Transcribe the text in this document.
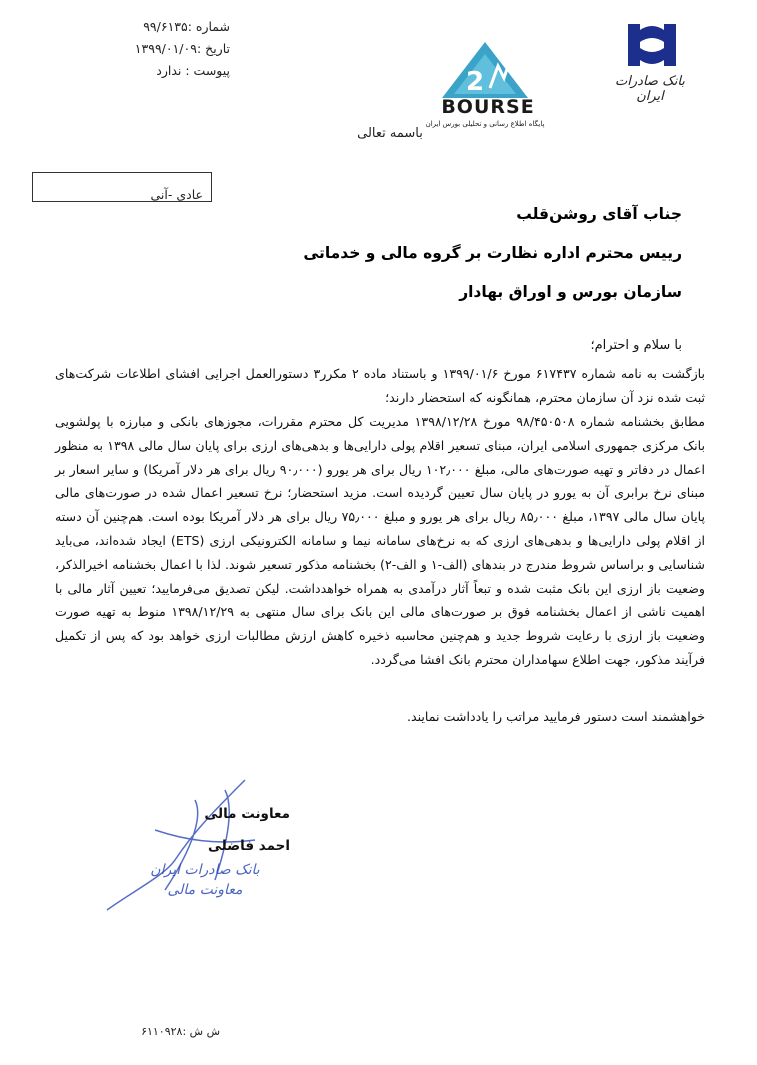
شماره :۹۹/۶۱۳۵
تاریخ :۱۳۹۹/۰۱/۰۹
پیوست : ندارد	2
BOURSE
پایگاه اطلاع رسانی و تحلیلی بورس ایران
بانک صادرات ایران
باسمه تعالی
عادی -آنی
جناب آقای روشن‌قلب
رییس محترم اداره نظارت بر گروه مالی و خدماتی
سازمان بورس و اوراق بهادار
با سلام و احترام؛
بازگشت به نامه شماره ۶۱۷۴۳۷ مورخ ۱۳۹۹/۰۱/۶ و باستناد ماده ۲ مکرر۳ دستورالعمل اجرایی افشای اطلاعات شرکت‌های ثبت شده نزد آن سازمان محترم، همانگونه که استحضار دارند؛
مطابق بخشنامه شماره ۹۸/۴۵۰۵۰۸ مورخ ۱۳۹۸/۱۲/۲۸ مدیریت کل محترم مقررات، مجوزهای بانکی و مبارزه با پولشویی بانک مرکزی جمهوری اسلامی ایران، مبنای تسعیر اقلام پولی دارایی‌ها و بدهی‌های ارزی برای پایان سال مالی ۱۳۹۸ به منظور اعمال در دفاتر و تهیه صورت‌های مالی، مبلغ ۱۰۲٫۰۰۰ ریال برای هر یورو (۹۰٫۰۰۰ ریال برای هر دلار آمریکا) و سایر اسعار بر مبنای نرخ برابری آن به یورو در پایان سال تعیین گردیده است. مزید استحضار؛ نرخ تسعیر اعمال شده در صورت‌های مالی پایان سال مالی ۱۳۹۷، مبلغ ۸۵٫۰۰۰ ریال برای هر یورو و مبلغ ۷۵٫۰۰۰ ریال برای هر دلار آمریکا بوده است. هم‌چنین آن دسته از اقلام پولی دارایی‌ها و بدهی‌های ارزی که به نرخ‌های سامانه نیما و سامانه الکترونیکی ارزی (ETS) ایجاد شده‌اند، می‌باید شناسایی و براساس شروط مندرج در بندهای (الف-۱ و الف-۲) بخشنامه مذکور تسعیر شوند. لذا با اعمال بخشنامه اخیرالذکر، وضعیت باز ارزی این بانک مثبت شده و تبعاً آثار درآمدی به همراه خواهدداشت. لیکن تصدیق می‌فرمایید؛ تعیین آثار مالی با اهمیت ناشی از اعمال بخشنامه فوق بر صورت‌های مالی این بانک برای سال منتهی به ۱۳۹۸/۱۲/۲۹ منوط به تهیه صورت وضعیت باز ارزی با رعایت شروط جدید و هم‌چنین محاسبه ذخیره کاهش ارزش مطالبات ارزی خواهد بود که پس از تکمیل فرآیند مذکور، جهت اطلاع سهامداران محترم بانک افشا می‌گردد.
خواهشمند است دستور فرمایید مراتب را یادداشت نمایند.
معاونت مالی
احمد فاضلی
بانک صادرات ایران
معاونت مالی
ش ش :۶۱۱۰۹۲۸
